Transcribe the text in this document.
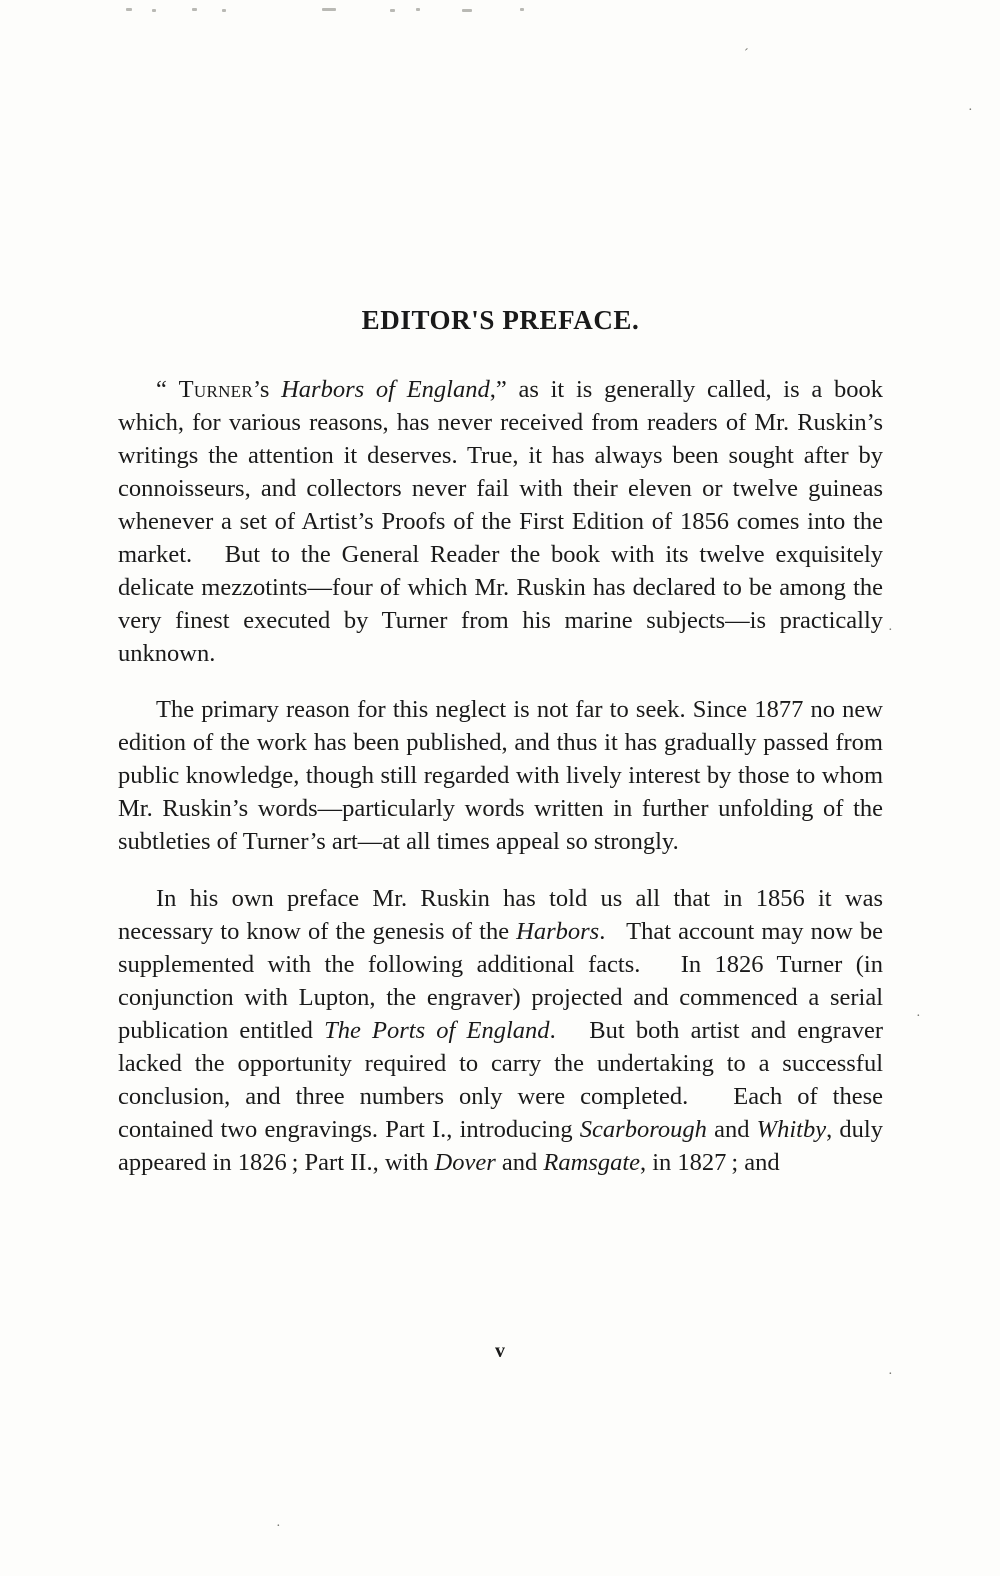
EDITOR'S PREFACE.

“ Turner’s Harbors of England,” as it is generally called, is a book which, for various reasons, has never received from readers of Mr. Ruskin’s writings the attention it deserves. True, it has always been sought after by connoisseurs, and collectors never fail with their eleven or twelve guineas whenever a set of Artist’s Proofs of the First Edition of 1856 comes into the market.   But to the General Reader the book with its twelve exquisitely delicate mezzotints—four of which Mr. Ruskin has declared to be among the very finest executed by Turner from his marine subjects—is practically unknown.

The primary reason for this neglect is not far to seek. Since 1877 no new edition of the work has been published, and thus it has gradually passed from public knowledge, though still regarded with lively interest by those to whom Mr. Ruskin’s words—particularly words written in further unfolding of the subtleties of Turner’s art—at all times appeal so strongly.

In his own preface Mr. Ruskin has told us all that in 1856 it was necessary to know of the genesis of the Harbors.   That account may now be supplemented with the following additional facts.   In 1826 Turner (in conjunction with Lupton, the engraver) projected and commenced a serial publication entitled The Ports of England.   But both artist and engraver lacked the opportunity required to carry the undertaking to a successful conclusion, and three numbers only were completed.   Each of these contained two engravings. Part I., introducing Scarborough and Whitby, duly appeared in 1826 ; Part II., with Dover and Ramsgate, in 1827 ; and

v
´
·
·
·
·
·
